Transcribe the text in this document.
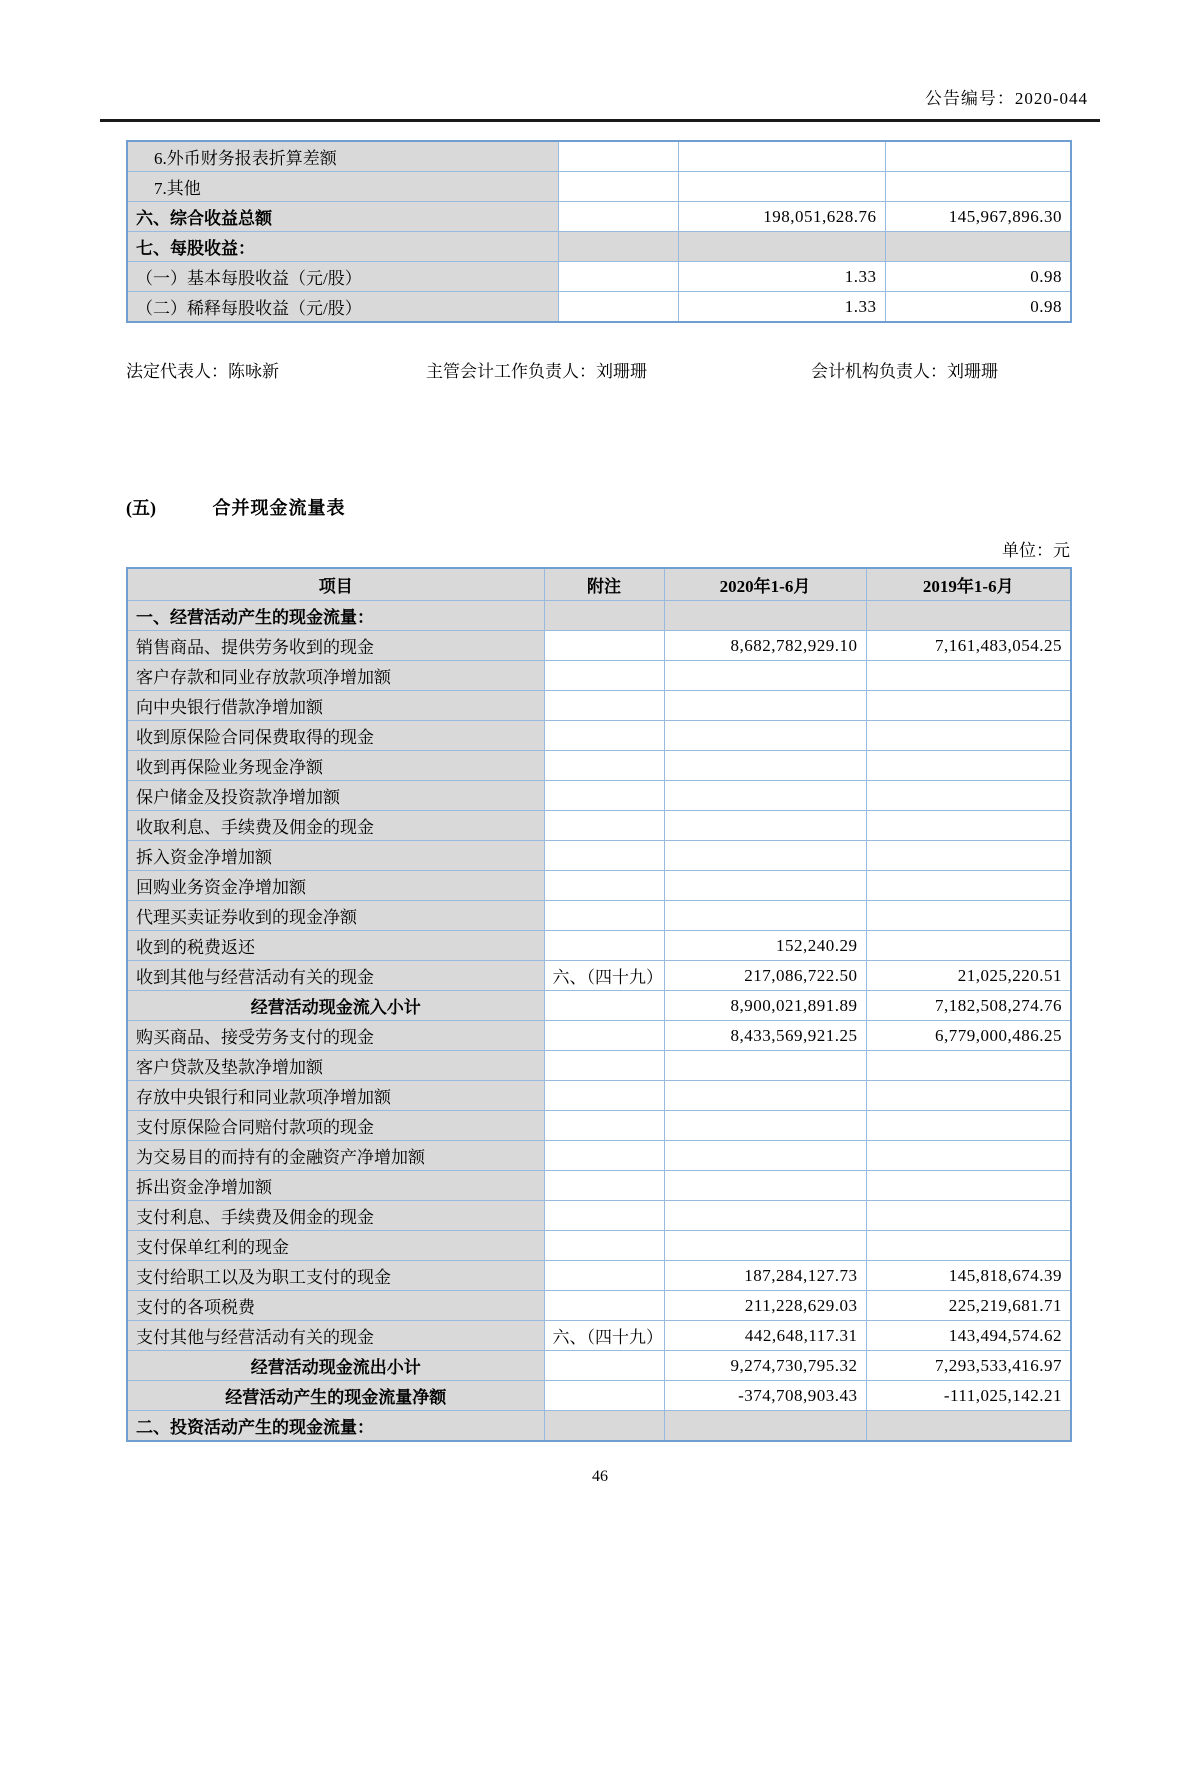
公告编号：2020-044
6.外币财务报表折算差额			
7.其他			
六、综合收益总额		198,051,628.76	145,967,896.30
七、每股收益：			
（一）基本每股收益（元/股）		1.33	0.98
（二）稀释每股收益（元/股）		1.33	0.98
法定代表人：陈咏新	主管会计工作负责人：刘珊珊	会计机构负责人：刘珊珊
(五)	合并现金流量表
单位：元
项目	附注	2020年1-6月	2019年1-6月
一、经营活动产生的现金流量：			
销售商品、提供劳务收到的现金		8,682,782,929.10	7,161,483,054.25
客户存款和同业存放款项净增加额			
向中央银行借款净增加额			
收到原保险合同保费取得的现金			
收到再保险业务现金净额			
保户储金及投资款净增加额			
收取利息、手续费及佣金的现金			
拆入资金净增加额			
回购业务资金净增加额			
代理买卖证券收到的现金净额			
收到的税费返还		152,240.29	
收到其他与经营活动有关的现金	六、（四十九）	217,086,722.50	21,025,220.51
经营活动现金流入小计		8,900,021,891.89	7,182,508,274.76
购买商品、接受劳务支付的现金		8,433,569,921.25	6,779,000,486.25
客户贷款及垫款净增加额			
存放中央银行和同业款项净增加额			
支付原保险合同赔付款项的现金			
为交易目的而持有的金融资产净增加额			
拆出资金净增加额			
支付利息、手续费及佣金的现金			
支付保单红利的现金			
支付给职工以及为职工支付的现金		187,284,127.73	145,818,674.39
支付的各项税费		211,228,629.03	225,219,681.71
支付其他与经营活动有关的现金	六、（四十九）	442,648,117.31	143,494,574.62
经营活动现金流出小计		9,274,730,795.32	7,293,533,416.97
经营活动产生的现金流量净额		-374,708,903.43	-111,025,142.21
二、投资活动产生的现金流量：			
46
